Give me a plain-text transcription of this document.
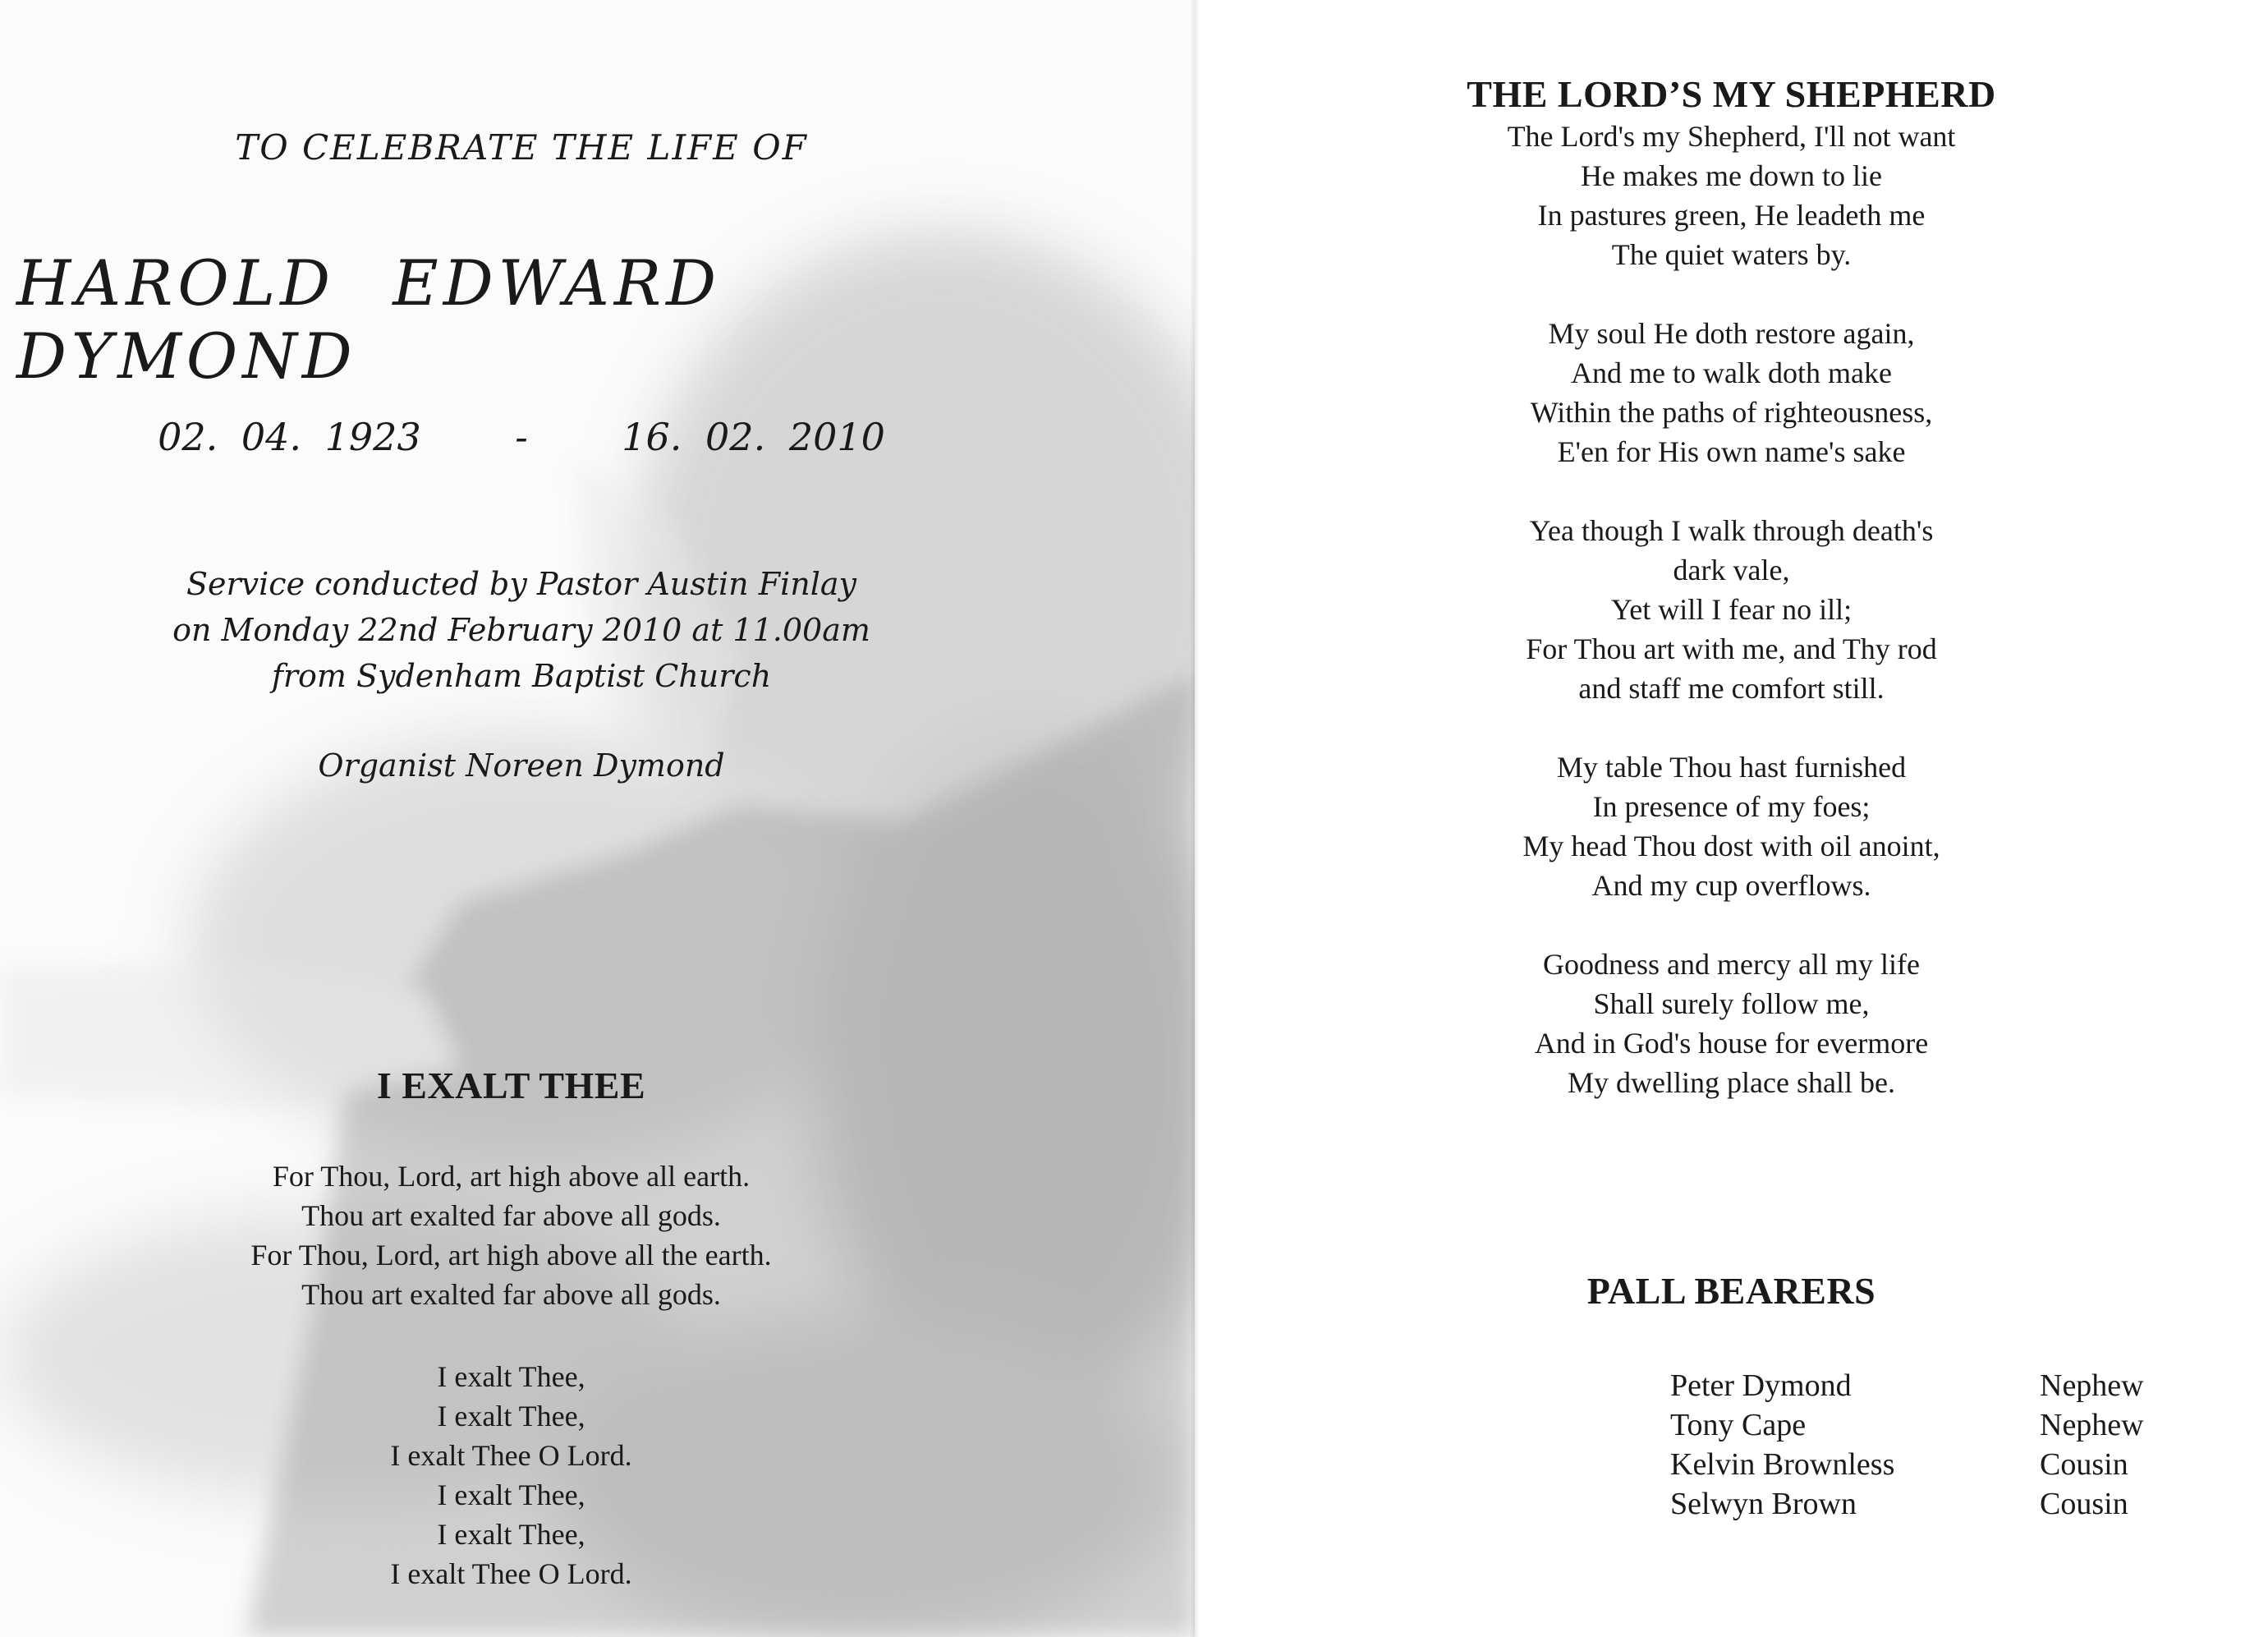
TO CELEBRATE THE LIFE OF
HAROLD EDWARD DYMOND
02. 04. 1923 - 16. 02. 2010
Service conducted by Pastor Austin Finlay
on Monday 22nd February 2010 at 11.00am
from Sydenham Baptist Church
Organist Noreen Dymond
I EXALT THEE
For Thou, Lord, art high above all earth.
Thou art exalted far above all gods.
For Thou, Lord, art high above all the earth.
Thou art exalted far above all gods.
I exalt Thee,
I exalt Thee,
I exalt Thee O Lord.
I exalt Thee,
I exalt Thee,
I exalt Thee O Lord.
THE LORD’S MY SHEPHERD
The Lord's my Shepherd, I'll not want
He makes me down to lie
In pastures green, He leadeth me
The quiet waters by.
My soul He doth restore again,
And me to walk doth make
Within the paths of righteousness,
E'en for His own name's sake
Yea though I walk through death's
dark vale,
Yet will I fear no ill;
For Thou art with me, and Thy rod
and staff me comfort still.
My table Thou hast furnished
In presence of my foes;
My head Thou dost with oil anoint,
And my cup overflows.
Goodness and mercy all my life
Shall surely follow me,
And in God's house for evermore
My dwelling place shall be.
PALL BEARERS
Peter Dymond	Nephew
Tony Cape	Nephew
Kelvin Brownless	Cousin
Selwyn Brown	Cousin
